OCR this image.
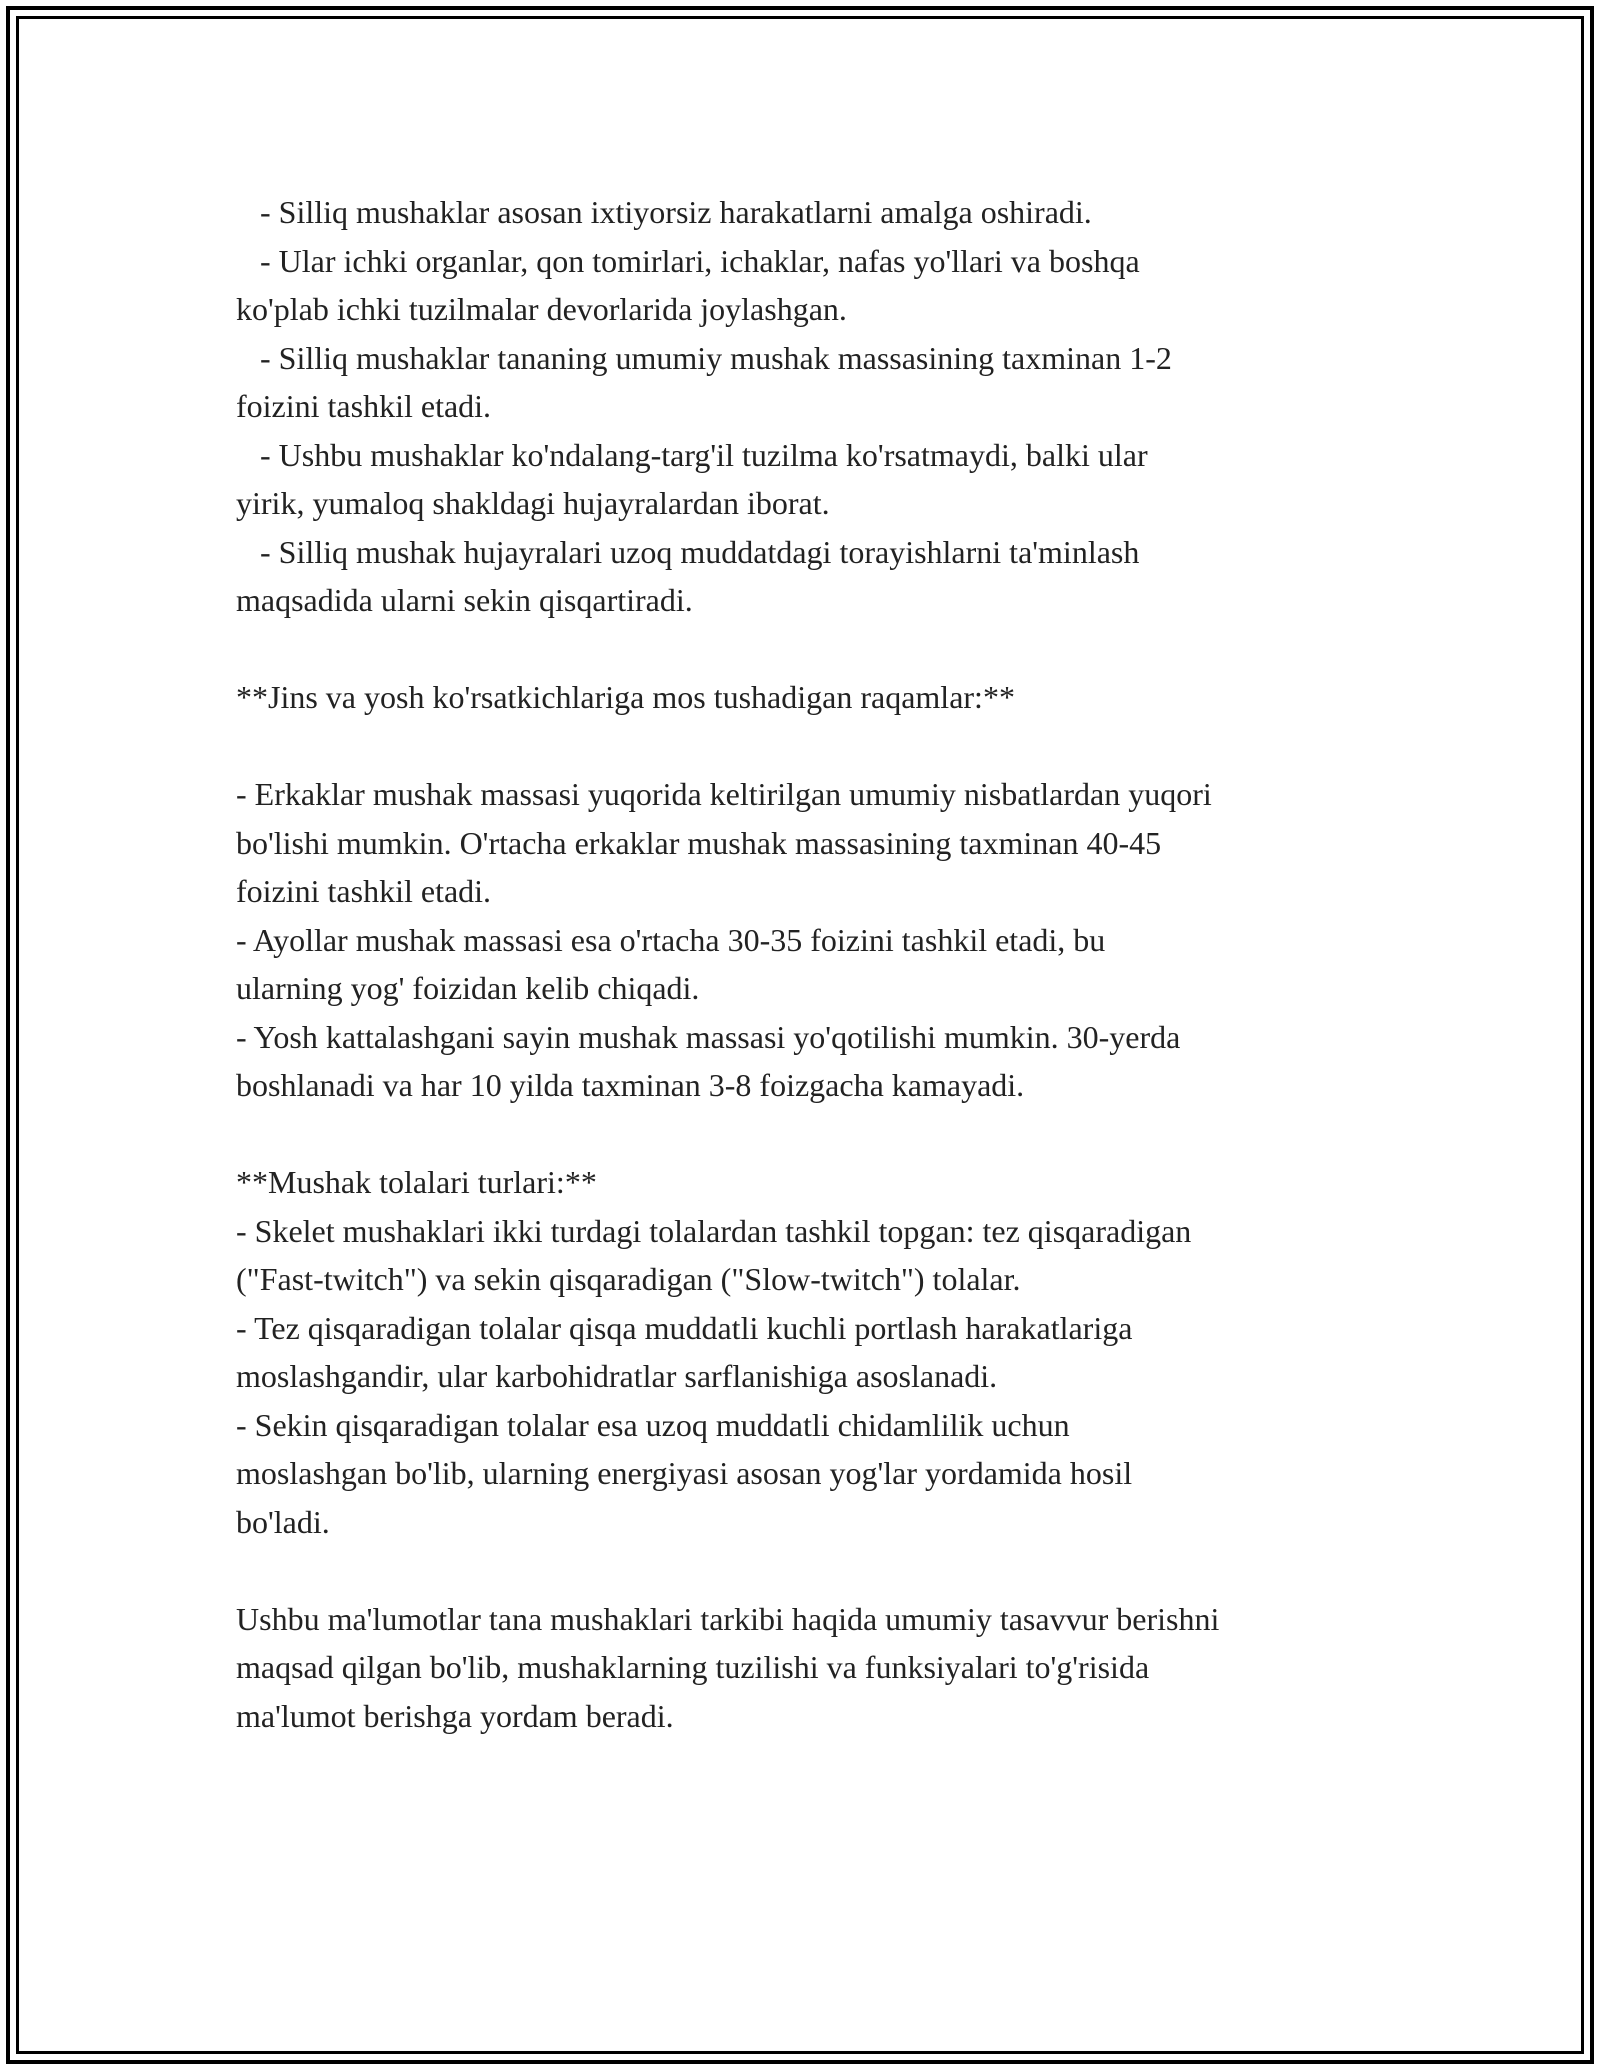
- Silliq mushaklar asosan ixtiyorsiz harakatlarni amalga oshiradi.
- Ular ichki organlar, qon tomirlari, ichaklar, nafas yo'llari va boshqa
ko'plab ichki tuzilmalar devorlarida joylashgan.
- Silliq mushaklar tananing umumiy mushak massasining taxminan 1-2
foizini tashkil etadi.
- Ushbu mushaklar ko'ndalang-targ'il tuzilma ko'rsatmaydi, balki ular
yirik, yumaloq shakldagi hujayralardan iborat.
- Silliq mushak hujayralari uzoq muddatdagi torayishlarni ta'minlash
maqsadida ularni sekin qisqartiradi.
**Jins va yosh ko'rsatkichlariga mos tushadigan raqamlar:**
- Erkaklar mushak massasi yuqorida keltirilgan umumiy nisbatlardan yuqori
bo'lishi mumkin. O'rtacha erkaklar mushak massasining taxminan 40-45
foizini tashkil etadi.
- Ayollar mushak massasi esa o'rtacha 30-35 foizini tashkil etadi, bu
ularning yog' foizidan kelib chiqadi.
- Yosh kattalashgani sayin mushak massasi yo'qotilishi mumkin. 30-yerda
boshlanadi va har 10 yilda taxminan 3-8 foizgacha kamayadi.
**Mushak tolalari turlari:**
- Skelet mushaklari ikki turdagi tolalardan tashkil topgan: tez qisqaradigan
("Fast-twitch") va sekin qisqaradigan ("Slow-twitch") tolalar.
- Tez qisqaradigan tolalar qisqa muddatli kuchli portlash harakatlariga
moslashgandir, ular karbohidratlar sarflanishiga asoslanadi.
- Sekin qisqaradigan tolalar esa uzoq muddatli chidamlilik uchun
moslashgan bo'lib, ularning energiyasi asosan yog'lar yordamida hosil
bo'ladi.
Ushbu ma'lumotlar tana mushaklari tarkibi haqida umumiy tasavvur berishni
maqsad qilgan bo'lib, mushaklarning tuzilishi va funksiyalari to'g'risida
ma'lumot berishga yordam beradi.
